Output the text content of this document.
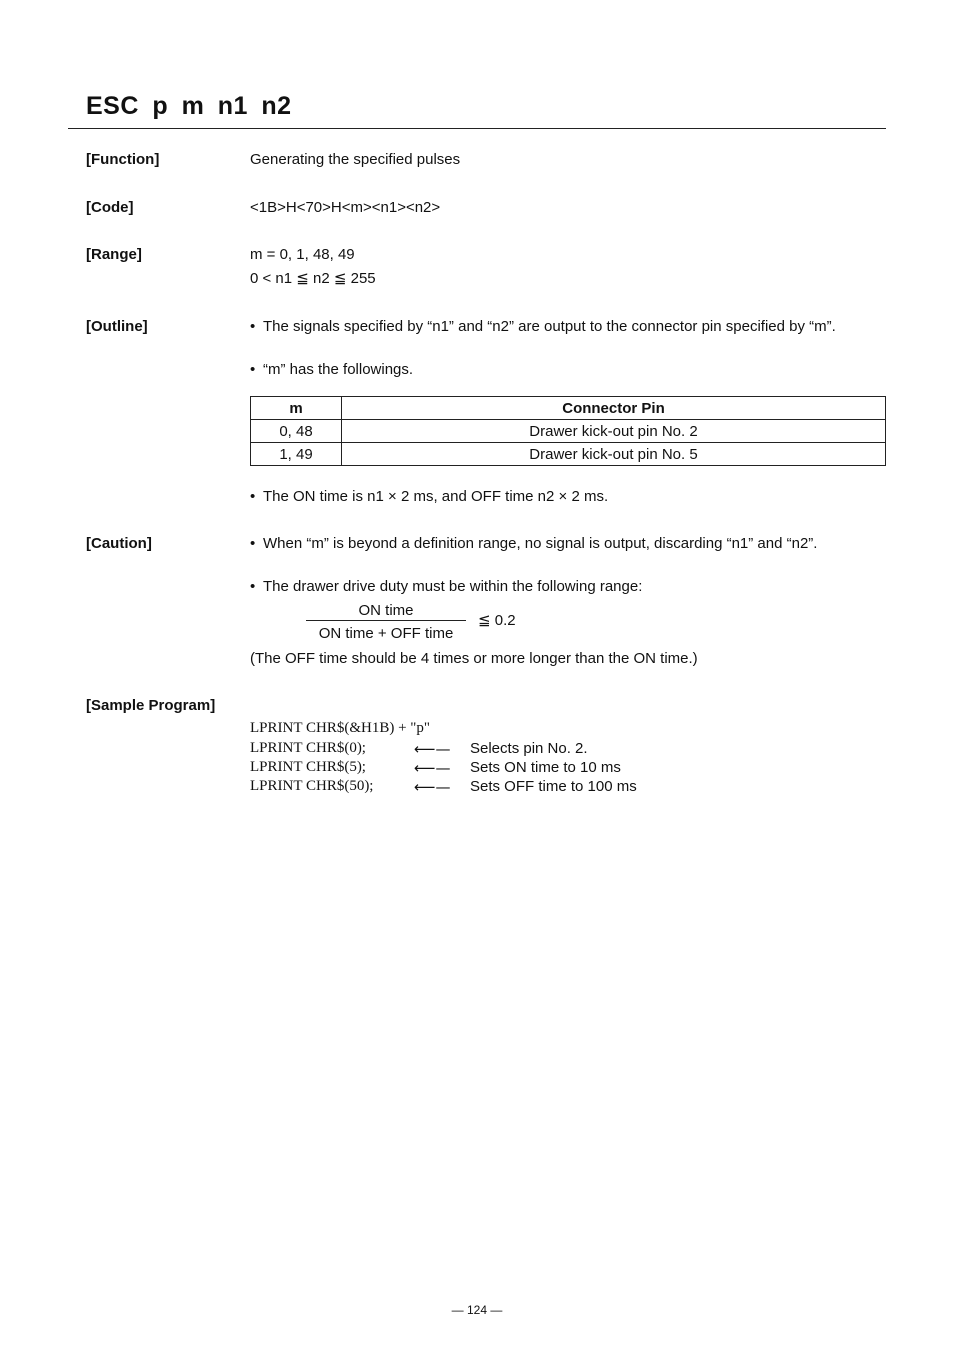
ESC p m n1 n2
[Function]	Generating the specified pulses
[Code]	<1B>H<70>H<m><n1><n2>
[Range]	m = 0, 1, 48, 49
0 < n1 ≦ n2 ≦ 255
[Outline]	• The signals specified by “n1” and “n2” are output to the connector pin specified by “m”.
• “m” has the followings.
m	Connector Pin
0, 48	Drawer kick-out pin No. 2
1, 49	Drawer kick-out pin No. 5
• The ON time is n1 × 2 ms, and OFF time n2 × 2 ms.
[Caution]	• When “m” is beyond a definition range, no signal is output, discarding “n1” and “n2”.
• The drawer drive duty must be within the following range:
ON time
ON time + OFF time
≦ 0.2
(The OFF time should be 4 times or more longer than the ON time.)
[Sample Program]
LPRINT CHR$(&H1B) + "p"
LPRINT CHR$(0);	⟵— Selects pin No. 2.
LPRINT CHR$(5);	⟵— Sets ON time to 10 ms
LPRINT CHR$(50);	⟵— Sets OFF time to 100 ms
— 124 —
